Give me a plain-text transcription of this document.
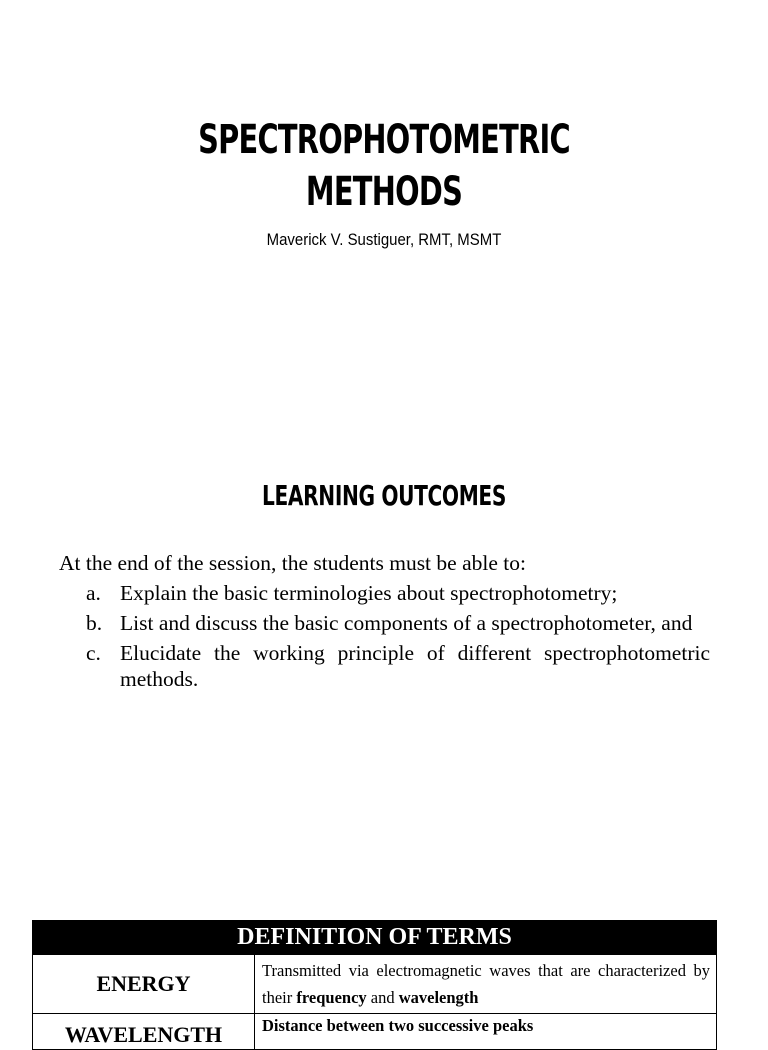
SPECTROPHOTOMETRIC
METHODS
Maverick V. Sustiguer, RMT, MSMT
LEARNING OUTCOMES
At the end of the session, the students must be able to:
a. Explain the basic terminologies about spectrophotometry;
b. List and discuss the basic components of a spectrophotometer, and
c. Elucidate the working principle of different spectrophotometric methods.
DEFINITION OF TERMS	
ENERGY	Transmitted via electromagnetic waves that are characterized by their frequency and wavelength
WAVELENGTH	Distance between two successive peaks
